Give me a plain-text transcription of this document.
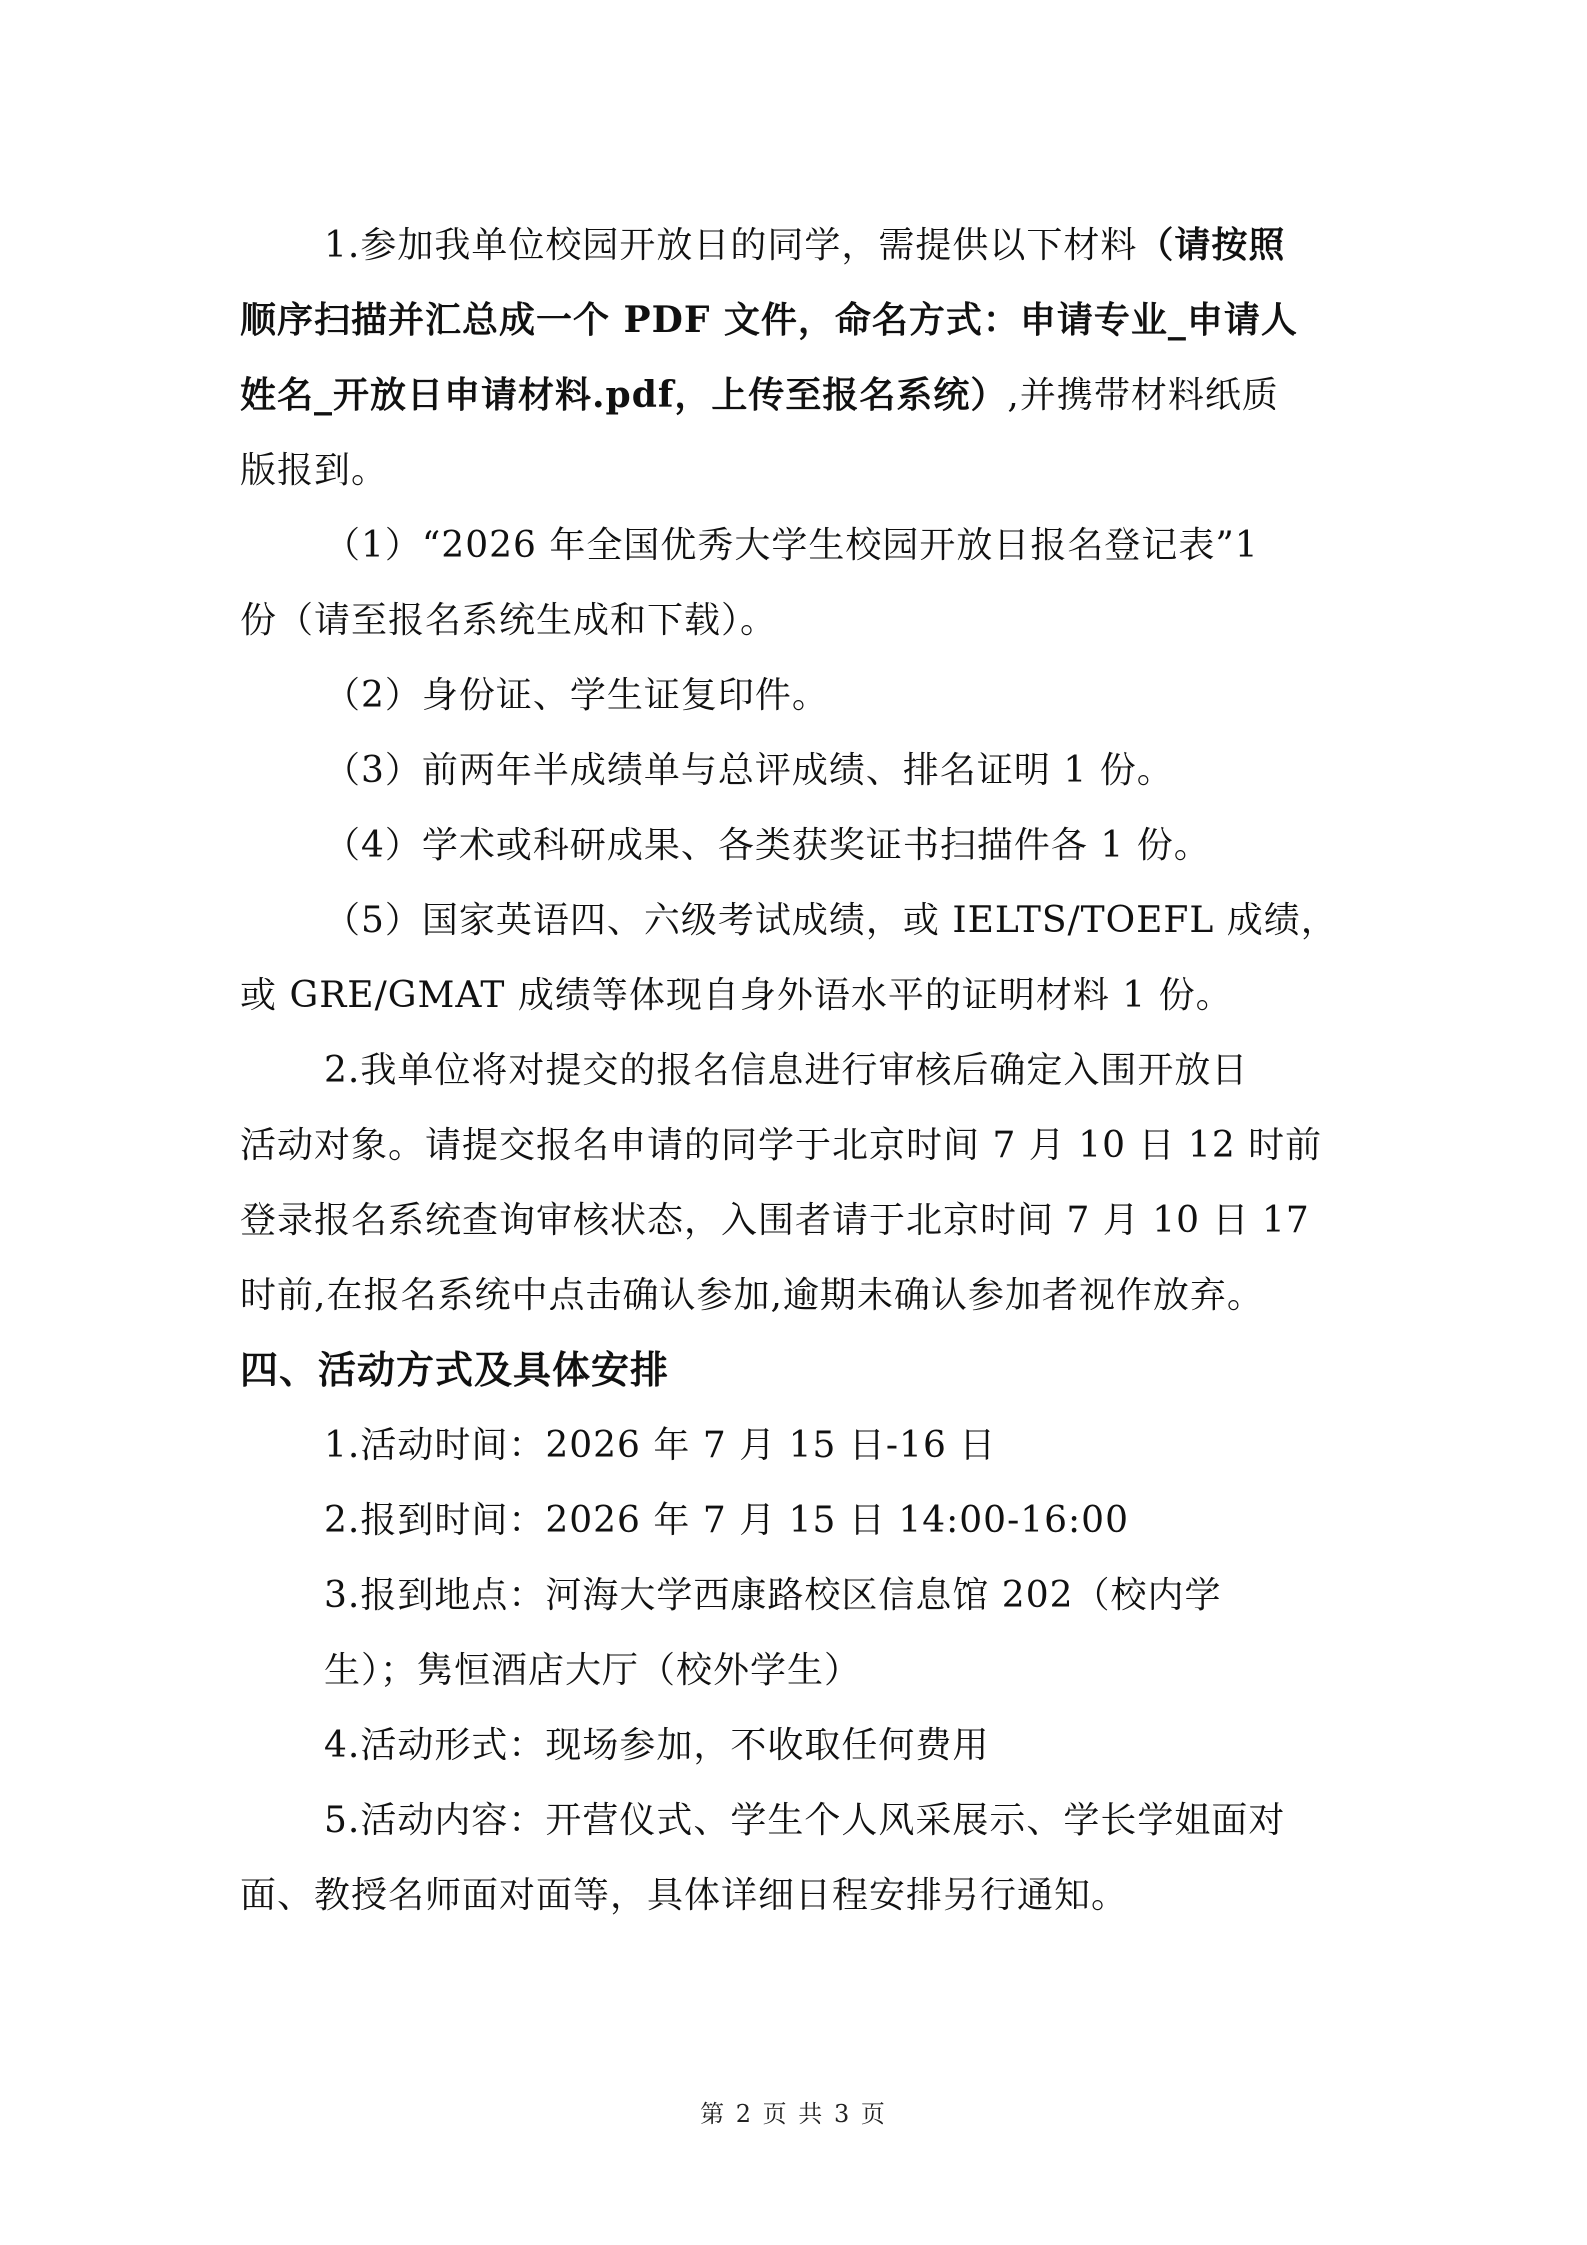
1.参加我单位校园开放日的同学，需提供以下材料（请按照
顺序扫描并汇总成一个 PDF 文件，命名方式：申请专业_申请人
姓名_开放日申请材料.pdf，上传至报名系统）,并携带材料纸质
版报到。
（1）“2026 年全国优秀大学生校园开放日报名登记表”1
份（请至报名系统生成和下载）。
（2）身份证、学生证复印件。
（3）前两年半成绩单与总评成绩、排名证明 1 份。
（4）学术或科研成果、各类获奖证书扫描件各 1 份。
（5）国家英语四、六级考试成绩，或 IELTS/TOEFL 成绩，
或 GRE/GMAT 成绩等体现自身外语水平的证明材料 1 份。
2.我单位将对提交的报名信息进行审核后确定入围开放日
活动对象。请提交报名申请的同学于北京时间 7 月 10 日 12 时前
登录报名系统查询审核状态，入围者请于北京时间 7 月 10 日 17
时前,在报名系统中点击确认参加,逾期未确认参加者视作放弃。
四、活动方式及具体安排
1.活动时间：2026 年 7 月 15 日-16 日
2.报到时间：2026 年 7 月 15 日 14:00-16:00
3.报到地点：河海大学西康路校区信息馆 202（校内学
生）；隽恒酒店大厅（校外学生）
4.活动形式：现场参加，不收取任何费用
5.活动内容：开营仪式、学生个人风采展示、学长学姐面对
面、教授名师面对面等，具体详细日程安排另行通知。
第 2 页 共 3 页
